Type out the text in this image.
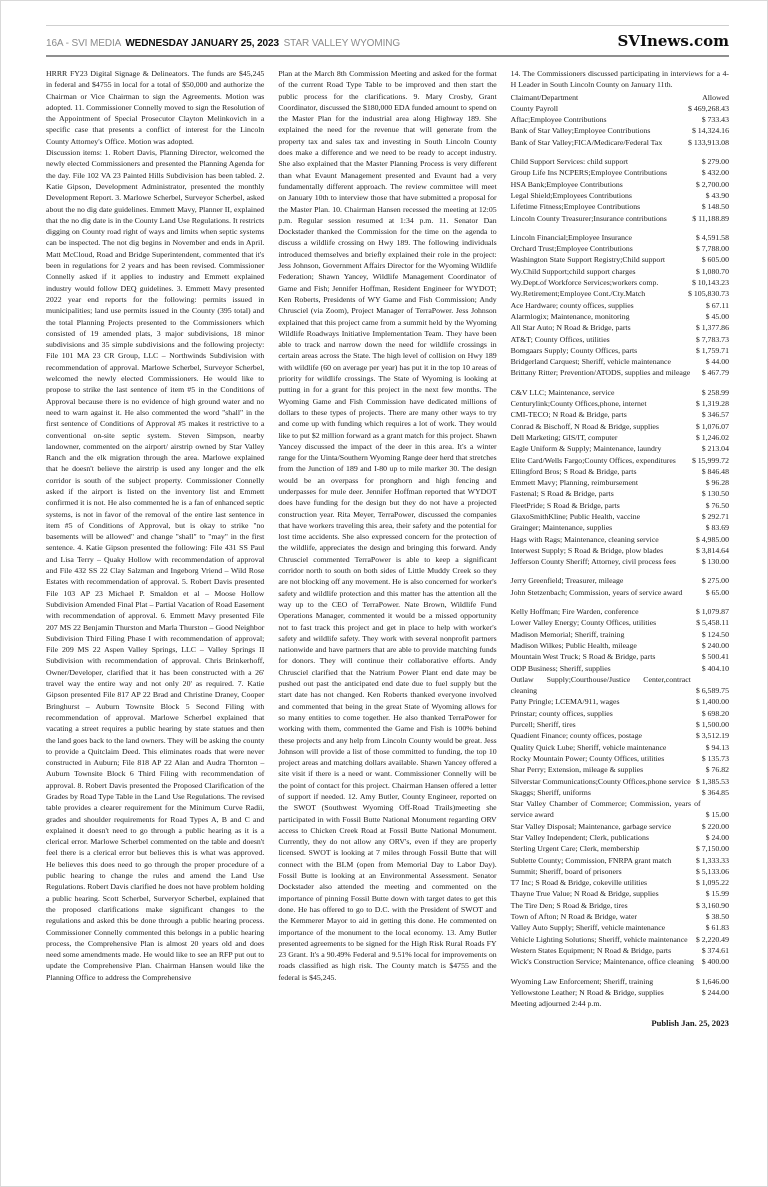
16A - SVI MEDIA WEDNESDAY JANUARY 25, 2023 STAR VALLEY WYOMING	SVInews.com

HRRR FY23 Digital Signage & Delineators. The funds are $45,245 in federal and $4755 in local for a total of $50,000 and authorize the Chairman or Vice Chairman to sign the Agreements. Motion was adopted. 11. Commissioner Connelly moved to sign the Resolution of the Appointment of Special Prosecutor Clayton Melinkovich in a specific case that presents a conflict of interest for the Lincoln County Attorney's Office. Motion was adopted.

Discussion items: 1. Robert Davis, Planning Director, welcomed the newly elected Commissioners and presented the Planning Agenda for the day. File 102 VA 23 Painted Hills Subdivision has been tabled. 2. Katie Gipson, Development Administrator, presented the monthly Development Report. 3. Marlowe Scherbel, Surveyor Scherbel, asked about the no dig date guidelines. Emmett Mavy, Planner II, explained that the no dig date is in the County Land Use Regulations. It restricts digging on County road right of ways and limits when septic systems can be inspected. The not dig begins in November and ends in April. Matt McCloud, Road and Bridge Superintendent, commented that it's been in regulations for 2 years and has been revised. Commissioner Connelly asked if it applies to industry and Emmett explained industry would follow DEQ guidelines. 3. Emmett Mavy presented 2022 year end reports for the following: permits issued in municipalities; land use permits issued in the County (395 total) and the total Planning Projects presented to the Commissioners which consisted of 19 amended plats, 3 major subdivisions, 18 minor subdivisions and 35 simple subdivisions and the following projecty: File 101 MA 23 CR Group, LLC – Northwinds Subdivision with recommendation of approval. Marlowe Scherbel, Surveyor Scherbel, welcomed the newly elected Commissioners. He would like to propose to strike the last sentence of item #5 in the Conditions of Approval because there is no evidence of high ground water and no need to warn against it. He also commented the word "shall" in the first sentence of Conditions of Approval #5 makes it restrictive to a conventional on-site septic system. Steven Simpson, nearby landowner, commented on the airport/ airstrip owned by Star Valley Ranch and the elk migration through the area. Marlowe explained that he doesn't believe the airstrip is used any longer and the elk corridor is south of the subject property. Commissioner Connelly asked if the airport is listed on the inventory list and Emmett confirmed it is not. He also commented he is a fan of enhanced septic systems, is not in favor of the removal of the entire last sentence in item #5 of Conditions of Approval, but is okay to strike "no basements will be allowed" and change "shall" to "may" in the first sentence. 4. Katie Gipson presented the following: File 431 SS Paul and Lisa Terry – Quaky Hollow with recommendation of approval and File 432 SS 22 Clay Salzman and Ingeborg Vriend – Wild Rose Estates with recommendation of approval. 5. Robert Davis presented File 103 AP 23 Michael P. Smaldon et al – Moose Hollow Subdivision Amended Final Plat – Partial Vacation of Road Easement with recommendation of approval. 6. Emmett Mavy presented File 207 MS 22 Benjamin Thurston and Marla Thurston – Good Neighbor Subdivision Third Filing Phase I with recommendation of approval; File 209 MS 22 Aspen Valley Springs, LLC – Valley Springs II Subdivision with recommendation of approval. Chris Brinkerhoff, Owner/Developer, clarified that it has been constructed with a 26' travel way the entire way and not only 20' as required. 7. Katie Gipson presented File 817 AP 22 Brad and Christine Draney, Cooper Bringhurst – Auburn Townsite Block 5 Second Filing with recommendation of approval. Marlowe Scherbel explained that vacating a street requires a public hearing by state statues and then the land goes back to the land owners. They will be asking the county to provide a Quitclaim Deed. This eliminates roads that were never constructed in Auburn; File 818 AP 22 Alan and Audra Thornton – Auburn Townsite Block 6 Third Filing with recommendation of approval. 8. Robert Davis presented the Proposed Clarification of the Grades by Road Type Table in the Land Use Regulations. The revised table provides a clearer requirement for the Minimum Curve Radii, grades and shoulder requirements for Road Types A, B and C and explained it doesn't need to go through a public hearing as it is a clerical error. Marlowe Scherbel commented on the table and doesn't feel there is a clerical error but believes this is what was approved. He believes this does need to go through the proper procedure of a public hearing to change the rules and amend the Land Use Regulations. Robert Davis clarified he does not have problem holding a public hearing. Scott Scherbel, Surveryor Scherbel, explained that the proposed clarifications make significant changes to the regulations and asked this be done through a public hearing process. Commissioner Connelly commented this belongs in a public hearing process, the Comprehensive Plan is almost 20 years old and does need some amendments made. He would like to see an RFP put out to update the Comprehensive Plan. Chairman Hansen would like the Planning Office to address the Comprehensive

Plan at the March 8th Commission Meeting and asked for the format of the current Road Type Table to be improved and then start the public process for the clarifications. 9. Mary Crosby, Grant Coordinator, discussed the $180,000 EDA funded amount to spend on the Master Plan for the industrial area along Highway 189. She explained the need for the revenue that will generate from the property tax and sales tax and investing in South Lincoln County does make a difference and we need to be ready to accept industry. She also explained that the Master Planning Process is very different than what Evaunt Management presented and Evaunt had a very fundamentally different approach. The review committee will meet on January 10th to interview those that have submitted a proposal for the Master Plan. 10. Chairman Hansen recessed the meeting at 12:05 p.m. Regular session resumed at 1:34 p.m. 11. Senator Dan Dockstader thanked the Commission for the time on the agenda to discuss a wildlife crossing on Hwy 189. The following individuals introduced themselves and briefly explained their role in the project: Jess Johnson, Government Affairs Director for the Wyoming Wildlife Federation; Shawn Yancey, Wildlife Management Coordinator of Game and Fish; Jennifer Hoffman, Resident Engineer for WYDOT; Ken Roberts, Presidents of WY Game and Fish Commission; Andy Chrusciel (via Zoom), Project Manager of TerraPower. Jess Johnson explained that this project came from a summit held by the Wyoming Wildlife Roadways Initiative Implementation Team. They have been able to track and narrow down the need for wildlife crossings in certain areas across the State. The high level of collision on Hwy 189 with wildlife (60 on average per year) has put it in the top 10 areas of priority for wildlife crossings. The State of Wyoming is looking at putting in for a grant for this project in the next few months. The Wyoming Game and Fish Commission have dedicated millions of dollars to these types of projects. There are many other ways to try and come up with funding which requires a lot of work. They would like to put $2 million forward as a grant match for this project. Shawn Yancey discussed the impact of the deer in this area. It's a winter range for the Uinta/Southern Wyoming Range deer herd that stretches from the Junction of 189 and I-80 up to mile marker 30. The design would be an overpass for pronghorn and high fencing and underpasses for mule deer. Jennifer Hoffman reported that WYDOT does have funding for the design but they do not have a projected construction year. Rita Meyer, TerraPower, discussed the companies that have workers traveling this area, their safety and the potential for lost time accidents. She also expressed concern for the protection of the wildlife, appreciates the design and bringing this forward. Andy Chrusciel commented TerraPower is able to keep a significant corridor north to south on both sides of Little Muddy Creek so they are not blocking off any movement. He is also concerned for worker's safety and wildlife protection and this matter has the attention all the way up to the CEO of TerraPower. Nate Brown, Wildlife Fund Operations Manager, commented it would be a missed opportunity not to fast track this project and get in place to help with worker's safety and wildlife safety. They work with several nonprofit partners nationwide and have partners that are able to provide matching funds for donors. They will continue their collaborative efforts. Andy Chrusciel clarified that the Natrium Power Plant end date may be pushed out past the anticipated end date due to fuel supply but the start date has not changed. Ken Roberts thanked everyone involved and commented that being in the great State of Wyoming allows for so many entities to come together. He also thanked TerraPower for working with them, commented the Game and Fish is 100% behind these projects and any help from Lincoln County would be great. Jess Johnson will provide a list of those committed to funding, the top 10 project areas and matching dollars available. Shawn Yancey offered a site visit if there is a need or want. Commissioner Connelly will be the point of contact for this project. Chairman Hansen offered a letter of support if needed. 12. Amy Butler, County Engineer, reported on the SWOT (Southwest Wyoming Off-Road Trails)meeting she participated in with Fossil Butte National Monument regarding ORV access to Chicken Creek Road at Fossil Butte National Monument. Currently, they do not allow any ORV's, even if they are properly licensed. SWOT is looking at 7 miles through Fossil Butte that will connect with the BLM (open from Memorial Day to Labor Day). Fossil Butte is looking at an Environmental Assessment. Senator Dockstader also attended the meeting and commented on the importance of pinning Fossil Butte down with target dates to get this done. He has offered to go to D.C. with the President of SWOT and the Kemmerer Mayor to aid in getting this done. He commented on importance of the monument to the local economy. 13. Amy Butler presented agreements to be signed for the High Risk Rural Roads FY 23 Grant. It's a 90.49% Federal and 9.51% local for improvements on roads classified as high risk. The County match is $4755 and the federal is $45,245.

14. The Commissioners discussed participating in interviews for a 4-H Leader in South Lincoln County on January 11th.

Claimant/Department	Allowed
County Payroll	$ 469,268.43
Aflac;Employee Contributions	$ 733.43
Bank of Star Valley;Employee Contributions	$ 14,324.16
Bank of Star Valley;FICA/Medicare/Federal Tax	$ 133,913.08
Child Support Services: child support	$ 279.00
Group Life Ins NCPERS;Employee Contributions	$ 432.00
HSA Bank;Employee Contributions	$ 2,700.00
Legal Shield;Employees Contributions	$ 43.90
Lifetime Fitness;Employee Contributions	$ 148.50
Lincoln County Treasurer;Insurance contributions	$ 11,188.89
Lincoln Financial;Employee Insurance	$ 4,591.58
Orchard Trust;Employee Contributions	$ 7,788.00
Washington State Support Registry;Child support	$ 605.00
Wy.Child Support;child support charges	$ 1,080.70
Wy.Dept.of Workforce Services;workers comp.	$ 10,143.23
Wy.Retirement;Employee Cont./Cty.Match	$ 105,830.73
Ace Hardware; county offices, supplies	$ 67.11
Alarmlogix; Maintenance, monitoring	$ 45.00
All Star Auto; N Road & Bridge, parts	$ 1,377.86
AT&T; County Offices, utilities	$ 7,783.73
Bomgaars Supply; County Offices, parts	$ 1,759.71
Bridgerland Carquest; Sheriff, vehicle maintenance	$ 44.00
Brittany Ritter; Prevention/ATODS, supplies and mileage	$ 467.79
C&V LLC; Maintenance, service	$ 258.99
Centurylink;County Offices,phone, internet	$ 1,319.28
CMI-TECO; N Road & Bridge, parts	$ 346.57
Conrad & Bischoff, N Road & Bridge, supplies	$ 1,076.07
Dell Marketing; GIS/IT, computer	$ 1,246.02
Eagle Uniform & Supply; Maintenance, laundry	$ 213.04
Elite Card/Wells Fargo;County Offices, expenditures	$ 15,999.72
Ellingford Bros; S Road & Bridge, parts	$ 846.48
Emmett Mavy; Planning, reimbursement	$ 96.28
Fastenal; S Road & Bridge, parts	$ 130.50
FleetPride; S Road & Bridge, parts	$ 76.50
GlaxoSmithKline; Public Health, vaccine	$ 292.71
Grainger; Maintenance, supplies	$ 83.69
Hags with Rags; Maintenance, cleaning service	$ 4,985.00
Interwest Supply; S Road & Bridge, plow blades	$ 3,814.64
Jefferson County Sheriff; Attorney, civil process fees	$ 130.00
Jerry Greenfield; Treasurer, mileage	$ 275.00
John Stetzenbach; Commission, years of service award	$ 65.00
Kelly Hoffman; Fire Warden, conference	$ 1,079.87
Lower Valley Energy; County Offices, utilities	$ 5,458.11
Madison Memorial; Sheriff, training	$ 124.50
Madison Wilkes; Public Health, mileage	$ 240.00
Mountain West Truck; S Road & Bridge, parts	$ 500.41
ODP Business; Sheriff, supplies	$ 404.10
Outlaw Supply;Courthouse/Justice Center,contract cleaning	$ 6,589.75
Patty Pringle; LCEMA/911, wages	$ 1,400.00
Prinstar; county offices, supplies	$ 698.20
Purcell; Sheriff, tires	$ 1,500.00
Quadient Finance; county offices, postage	$ 3,512.19
Quality Quick Lube; Sheriff, vehicle maintenance	$ 94.13
Rocky Mountain Power; County Offices, utilities	$ 135.73
Shar Perry; Extension, mileage & supplies	$ 76.82
Silverstar Communications;County Offices,phone service $ 1,385.53
Skaggs; Sheriff, uniforms	$ 364.85
Star Valley Chamber of Commerce; Commission, years of service award	$ 15.00
Star Valley Disposal; Maintenance, garbage service	$ 220.00
Star Valley Independent; Clerk, publications	$ 24.00
Sterling Urgent Care; Clerk, membership	$ 7,150.00
Sublette County; Commission, FNRPA grant match	$ 1,333.33
Summit; Sheriff, board of prisoners	$ 5,133.06
T7 Inc; S Road & Bridge, cokeville utilities	$ 1,095.22
Thayne True Value; N Road & Bridge, supplies	$ 15.99
The Tire Den; S Road & Bridge, tires	$ 3,160.90
Town of Afton; N Road & Bridge, water	$ 38.50
Valley Auto Supply; Sheriff, vehicle maintenance	$ 61.83
Vehicle Lighting Solutions; Sheriff, vehicle maintenance	$ 2,220.49
Western States Equipment; N Road & Bridge, parts	$ 374.61
Wick's Construction Service; Maintenance, office cleaning $ 400.00
Wyoming Law Enforcement; Sheriff, training	$ 1,646.00
Yellowstone Leather; N Road & Bridge, supplies	$ 244.00

Meeting adjourned 2:44 p.m.

Publish Jan. 25, 2023
